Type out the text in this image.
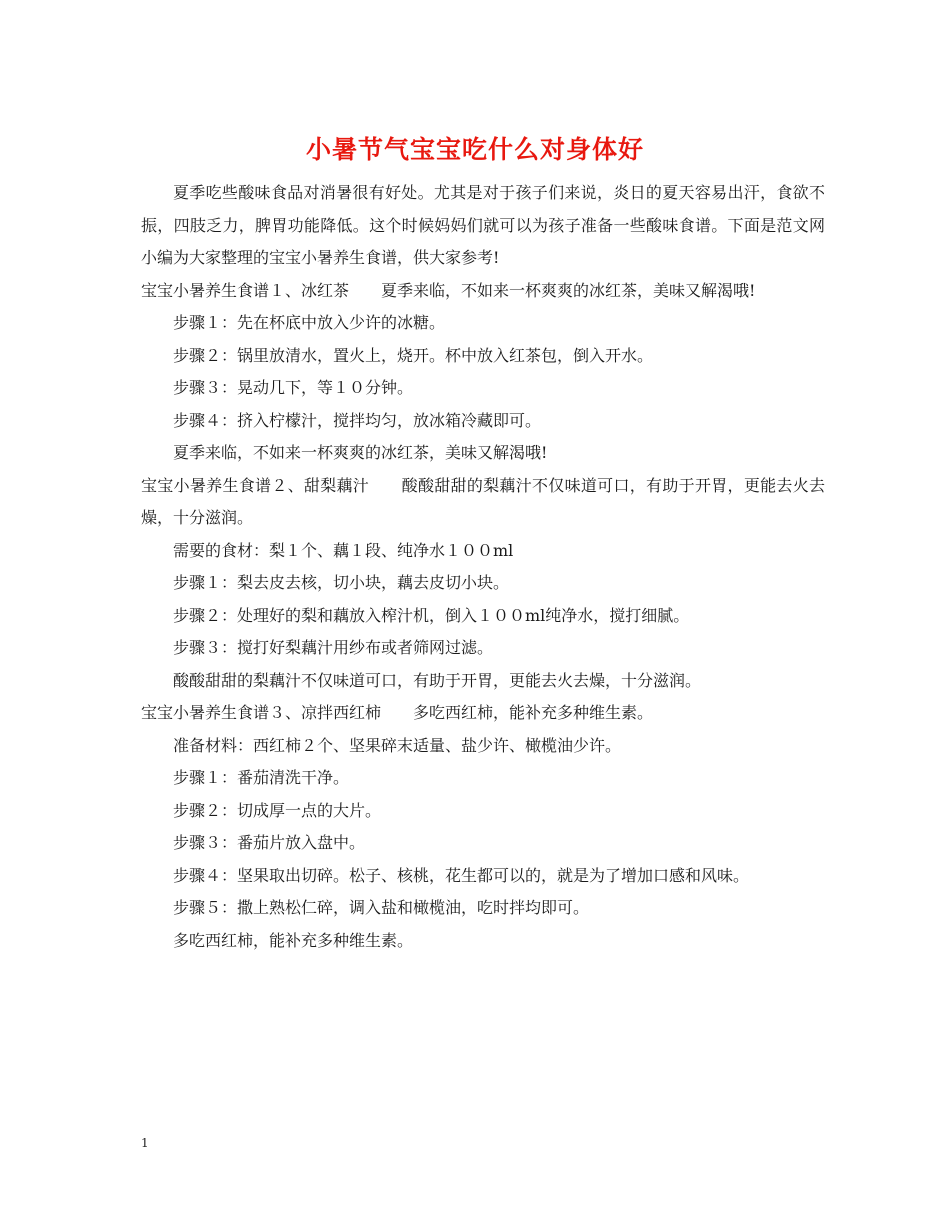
小暑节气宝宝吃什么对身体好

夏季吃些酸味食品对消暑很有好处。尤其是对于孩子们来说，炎日的夏天容易出汗，食欲不振，四肢乏力，脾胃功能降低。这个时候妈妈们就可以为孩子准备一些酸味食谱。下面是范文网小编为大家整理的宝宝小暑养生食谱，供大家参考!

宝宝小暑养生食谱１、冰红茶　　夏季来临，不如来一杯爽爽的冰红茶，美味又解渴哦!

步骤１：先在杯底中放入少许的冰糖。

步骤２：锅里放清水，置火上，烧开。杯中放入红茶包，倒入开水。

步骤３：晃动几下，等１０分钟。

步骤４：挤入柠檬汁，搅拌均匀，放冰箱冷藏即可。

夏季来临，不如来一杯爽爽的冰红茶，美味又解渴哦!

宝宝小暑养生食谱２、甜梨藕汁　　酸酸甜甜的梨藕汁不仅味道可口，有助于开胃，更能去火去燥，十分滋润。

需要的食材：梨１个、藕１段、纯净水１００ml

步骤１：梨去皮去核，切小块，藕去皮切小块。

步骤２：处理好的梨和藕放入榨汁机，倒入１００ml纯净水，搅打细腻。

步骤３：搅打好梨藕汁用纱布或者筛网过滤。

酸酸甜甜的梨藕汁不仅味道可口，有助于开胃，更能去火去燥，十分滋润。

宝宝小暑养生食谱３、凉拌西红柿　　多吃西红柿，能补充多种维生素。

准备材料：西红柿２个、坚果碎末适量、盐少许、橄榄油少许。

步骤１：番茄清洗干净。

步骤２：切成厚一点的大片。

步骤３：番茄片放入盘中。

步骤４：坚果取出切碎。松子、核桃，花生都可以的，就是为了增加口感和风味。

步骤５：撒上熟松仁碎，调入盐和橄榄油，吃时拌均即可。

多吃西红柿，能补充多种维生素。

1
